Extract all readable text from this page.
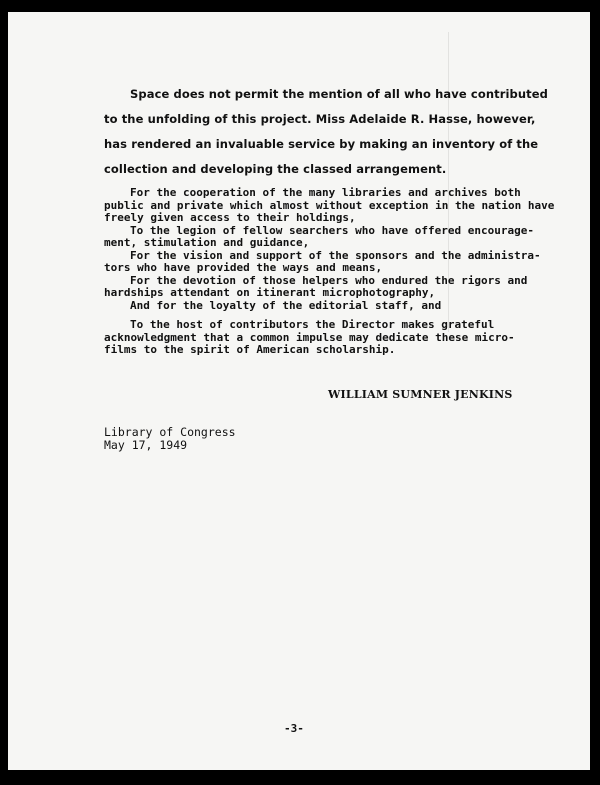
Space does not permit the mention of all who have contributed

to the unfolding of this project. Miss Adelaide R. Hasse, however,

has rendered an invaluable service by making an inventory of the

collection and developing the classed arrangement.

For the cooperation of the many libraries and archives both

public and private which almost without exception in the nation have

freely given access to their holdings,

To the legion of fellow searchers who have offered encourage-

ment, stimulation and guidance,

For the vision and support of the sponsors and the administra-

tors who have provided the ways and means,

For the devotion of those helpers who endured the rigors and

hardships attendant on itinerant microphotography,

And for the loyalty of the editorial staff, and

To the host of contributors the Director makes grateful

acknowledgment that a common impulse may dedicate these micro-

films to the spirit of American scholarship.

WILLIAM SUMNER JENKINS

Library of Congress

May 17, 1949

-3-
